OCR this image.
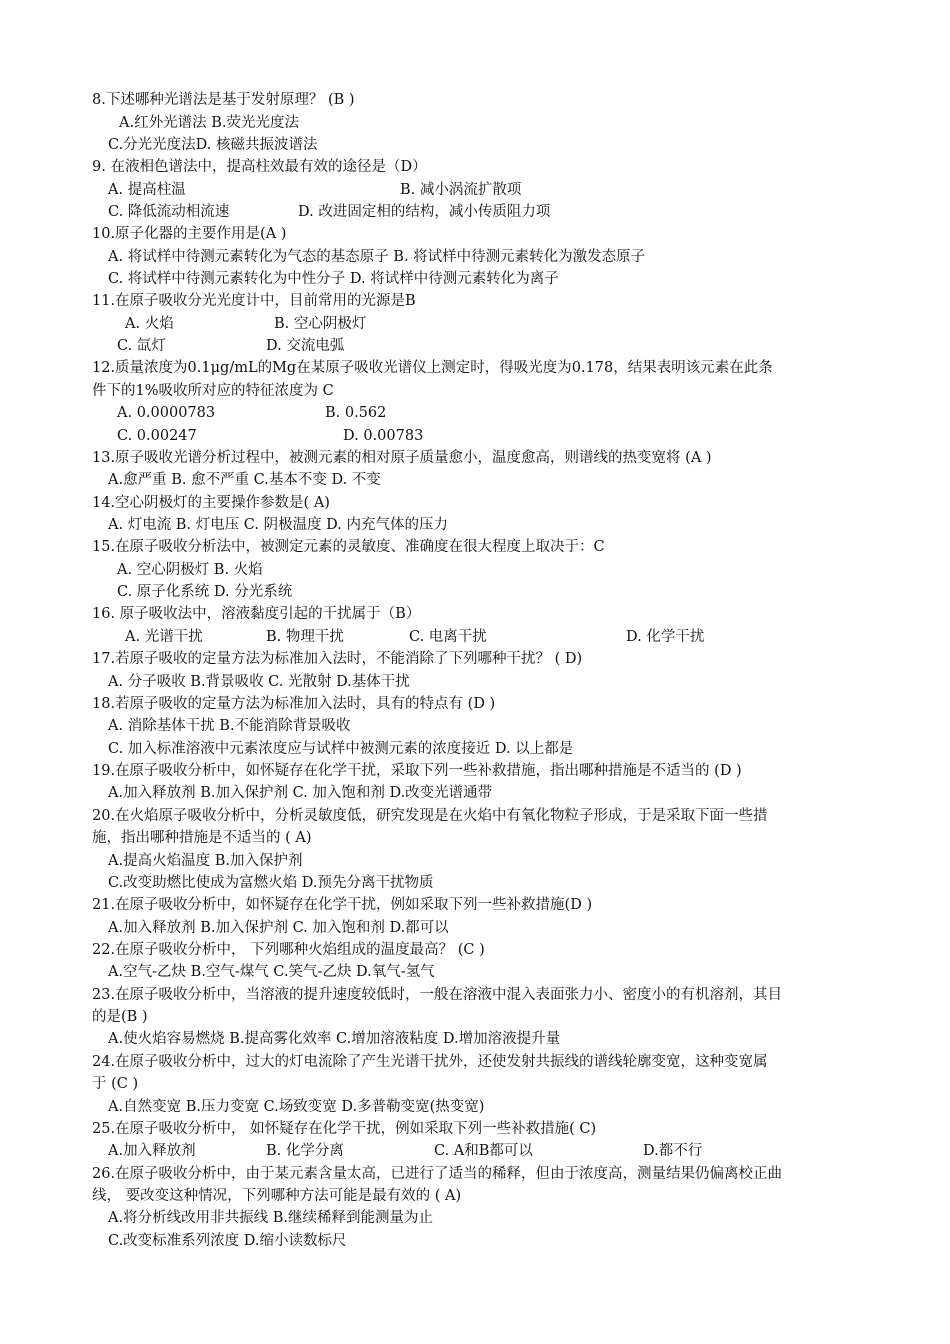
8.下述哪种光谱法是基于发射原理？ (B )
A.红外光谱法 B.荧光光度法
C.分光光度法D. 核磁共振波谱法
9. 在液相色谱法中，提高柱效最有效的途径是（D）
A. 提高柱温	B. 减小涡流扩散项
C. 降低流动相流速	D. 改进固定相的结构，减小传质阻力项
10.原子化器的主要作用是(A )
A. 将试样中待测元素转化为气态的基态原子 B. 将试样中待测元素转化为激发态原子
C. 将试样中待测元素转化为中性分子 D. 将试样中待测元素转化为离子
11.在原子吸收分光光度计中，目前常用的光源是B
A. 火焰	B. 空心阴极灯
C. 氙灯	D. 交流电弧
12.质量浓度为0.1μg/mL的Mg在某原子吸收光谱仪上测定时，得吸光度为0.178，结果表明该元素在此条
件下的1%吸收所对应的特征浓度为 C
A. 0.0000783	B. 0.562
C. 0.00247	D. 0.00783
13.原子吸收光谱分析过程中，被测元素的相对原子质量愈小，温度愈高，则谱线的热变宽将 (A )
A.愈严重 B. 愈不严重 C.基本不变 D. 不变
14.空心阴极灯的主要操作参数是( A)
A. 灯电流 B. 灯电压 C. 阴极温度 D. 内充气体的压力
15.在原子吸收分析法中，被测定元素的灵敏度、准确度在很大程度上取决于：C
A. 空心阴极灯 B. 火焰
C. 原子化系统 D. 分光系统
16. 原子吸收法中，溶液黏度引起的干扰属于（B）
A. 光谱干扰	B. 物理干扰	C. 电离干扰	D. 化学干扰
17.若原子吸收的定量方法为标准加入法时，不能消除了下列哪种干扰？ ( D)
A. 分子吸收 B.背景吸收 C. 光散射 D.基体干扰
18.若原子吸收的定量方法为标准加入法时，具有的特点有 (D )
A. 消除基体干扰 B.不能消除背景吸收
C. 加入标准溶液中元素浓度应与试样中被测元素的浓度接近 D. 以上都是
19.在原子吸收分析中，如怀疑存在化学干扰，采取下列一些补救措施，指出哪种措施是不适当的 (D )
A.加入释放剂 B.加入保护剂 C. 加入饱和剂 D.改变光谱通带
20.在火焰原子吸收分析中，分析灵敏度低，研究发现是在火焰中有氧化物粒子形成，于是采取下面一些措
施，指出哪种措施是不适当的 ( A)
A.提高火焰温度 B.加入保护剂
C.改变助燃比使成为富燃火焰 D.预先分离干扰物质
21.在原子吸收分析中，如怀疑存在化学干扰，例如采取下列一些补救措施(D )
A.加入释放剂 B.加入保护剂 C. 加入饱和剂 D.都可以
22.在原子吸收分析中， 下列哪种火焰组成的温度最高？ (C )
A.空气-乙炔 B.空气-煤气 C.笑气-乙炔 D.氧气-氢气
23.在原子吸收分析中，当溶液的提升速度较低时，一般在溶液中混入表面张力小、密度小的有机溶剂，其目
的是(B )
A.使火焰容易燃烧 B.提高雾化效率 C.增加溶液粘度 D.增加溶液提升量
24.在原子吸收分析中，过大的灯电流除了产生光谱干扰外，还使发射共振线的谱线轮廓变宽，这种变宽属
于 (C )
A.自然变宽 B.压力变宽 C.场致变宽 D.多普勒变宽(热变宽)
25.在原子吸收分析中， 如怀疑存在化学干扰，例如采取下列一些补救措施( C)
A.加入释放剂	B. 化学分离	C. A和B都可以	D.都不行
26.在原子吸收分析中，由于某元素含量太高，已进行了适当的稀释，但由于浓度高，测量结果仍偏离校正曲
线， 要改变这种情况，下列哪种方法可能是最有效的 ( A)
A.将分析线改用非共振线 B.继续稀释到能测量为止
C.改变标准系列浓度 D.缩小读数标尺
